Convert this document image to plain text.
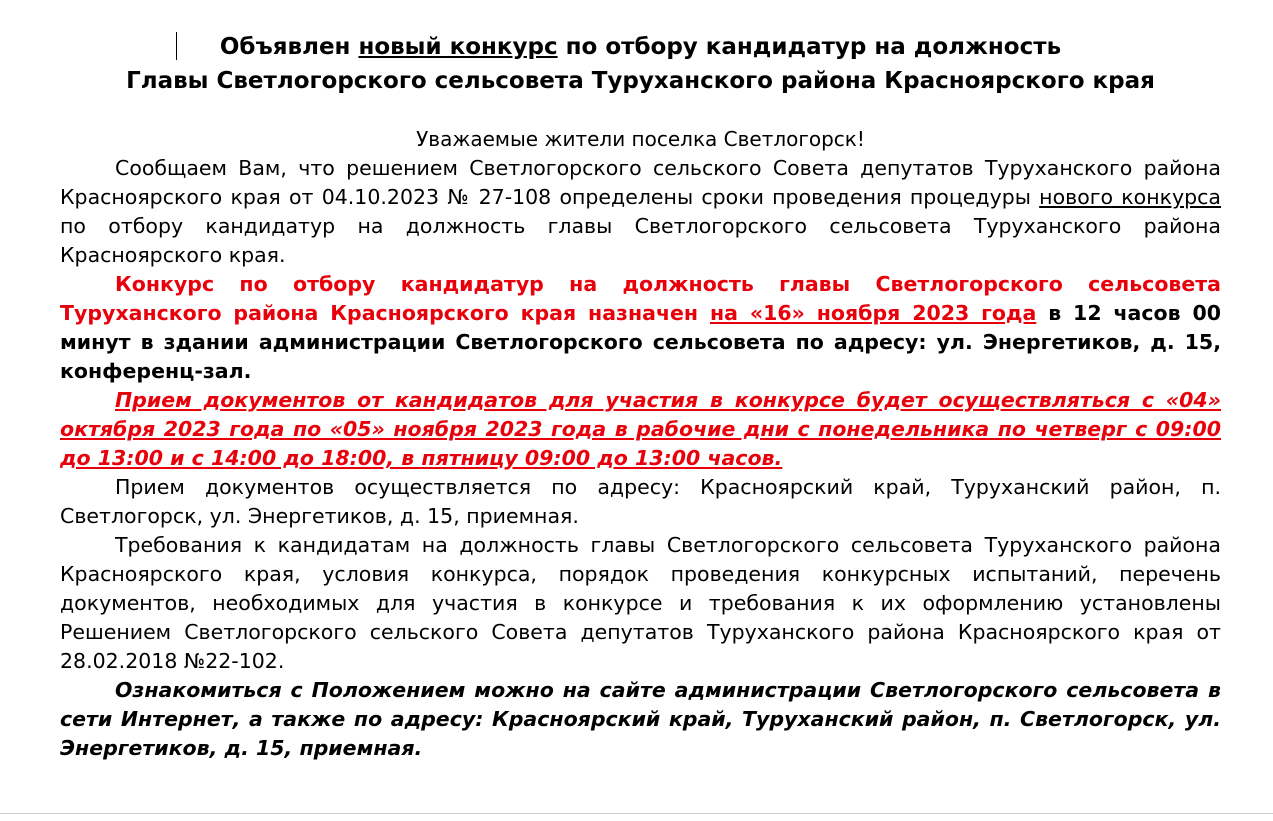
Объявлен новый конкурс по отбору кандидатур на должность
Главы Светлогорского сельсовета Туруханского района Красноярского края
Уважаемые жители поселка Светлогорск!

Сообщаем Вам, что решением Светлогорского сельского Совета депутатов Туруханского района Красноярского края от 04.10.2023 № 27-108 определены сроки проведения процедуры нового конкурса по отбору кандидатур на должность главы Светлогорского сельсовета Туруханского района Красноярского края.

Конкурс по отбору кандидатур на должность главы Светлогорского сельсовета Туруханского района Красноярского края назначен на «16» ноября 2023 года в 12 часов 00 минут в здании администрации Светлогорского сельсовета по адресу: ул. Энергетиков, д. 15, конференц-зал.

Прием документов от кандидатов для участия в конкурсе будет осуществляться с «04» октября 2023 года по «05» ноября 2023 года в рабочие дни с понедельника по четверг с 09:00 до 13:00 и с 14:00 до 18:00, в пятницу 09:00 до 13:00 часов.

Прием документов осуществляется по адресу: Красноярский край, Туруханский район, п. Светлогорск, ул. Энергетиков, д. 15, приемная.

Требования к кандидатам на должность главы Светлогорского сельсовета Туруханского района Красноярского края, условия конкурса, порядок проведения конкурсных испытаний, перечень документов, необходимых для участия в конкурсе и требования к их оформлению установлены Решением Светлогорского сельского Совета депутатов Туруханского района Красноярского края от 28.02.2018 №22-102.

Ознакомиться с Положением можно на сайте администрации Светлогорского сельсовета в сети Интернет, а также по адресу: Красноярский край, Туруханский район, п. Светлогорск, ул. Энергетиков, д. 15, приемная.
